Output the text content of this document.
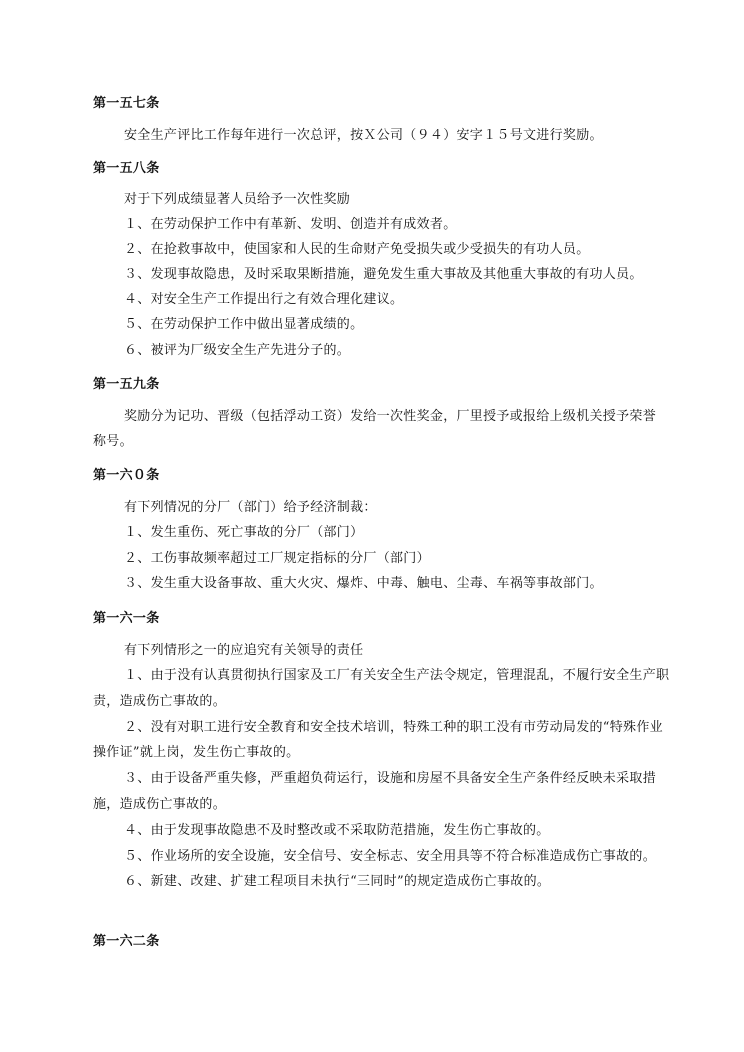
第一五七条
安全生产评比工作每年进行一次总评，按Ｘ公司（９４）安字１５号文进行奖励。
第一五八条
对于下列成绩显著人员给予一次性奖励
１、在劳动保护工作中有革新、发明、创造并有成效者。
２、在抢救事故中，使国家和人民的生命财产免受损失或少受损失的有功人员。
３、发现事故隐患，及时采取果断措施，避免发生重大事故及其他重大事故的有功人员。
４、对安全生产工作提出行之有效合理化建议。
５、在劳动保护工作中做出显著成绩的。
６、被评为厂级安全生产先进分子的。
第一五九条
奖励分为记功、晋级（包括浮动工资）发给一次性奖金，厂里授予或报给上级机关授予荣誉
称号。
第一六０条
有下列情况的分厂（部门）给予经济制裁：
１、发生重伤、死亡事故的分厂（部门）
２、工伤事故频率超过工厂规定指标的分厂（部门）
３、发生重大设备事故、重大火灾、爆炸、中毒、触电、尘毒、车祸等事故部门。
第一六一条
有下列情形之一的应追究有关领导的责任
１、由于没有认真贯彻执行国家及工厂有关安全生产法令规定，管理混乱，不履行安全生产职
责，造成伤亡事故的。
２、没有对职工进行安全教育和安全技术培训，特殊工种的职工没有市劳动局发的“特殊作业
操作证”就上岗，发生伤亡事故的。
３、由于设备严重失修，严重超负荷运行，设施和房屋不具备安全生产条件经反映未采取措
施，造成伤亡事故的。
４、由于发现事故隐患不及时整改或不采取防范措施，发生伤亡事故的。
５、作业场所的安全设施，安全信号、安全标志、安全用具等不符合标准造成伤亡事故的。
６、新建、改建、扩建工程项目未执行“三同时”的规定造成伤亡事故的。
第一六二条
